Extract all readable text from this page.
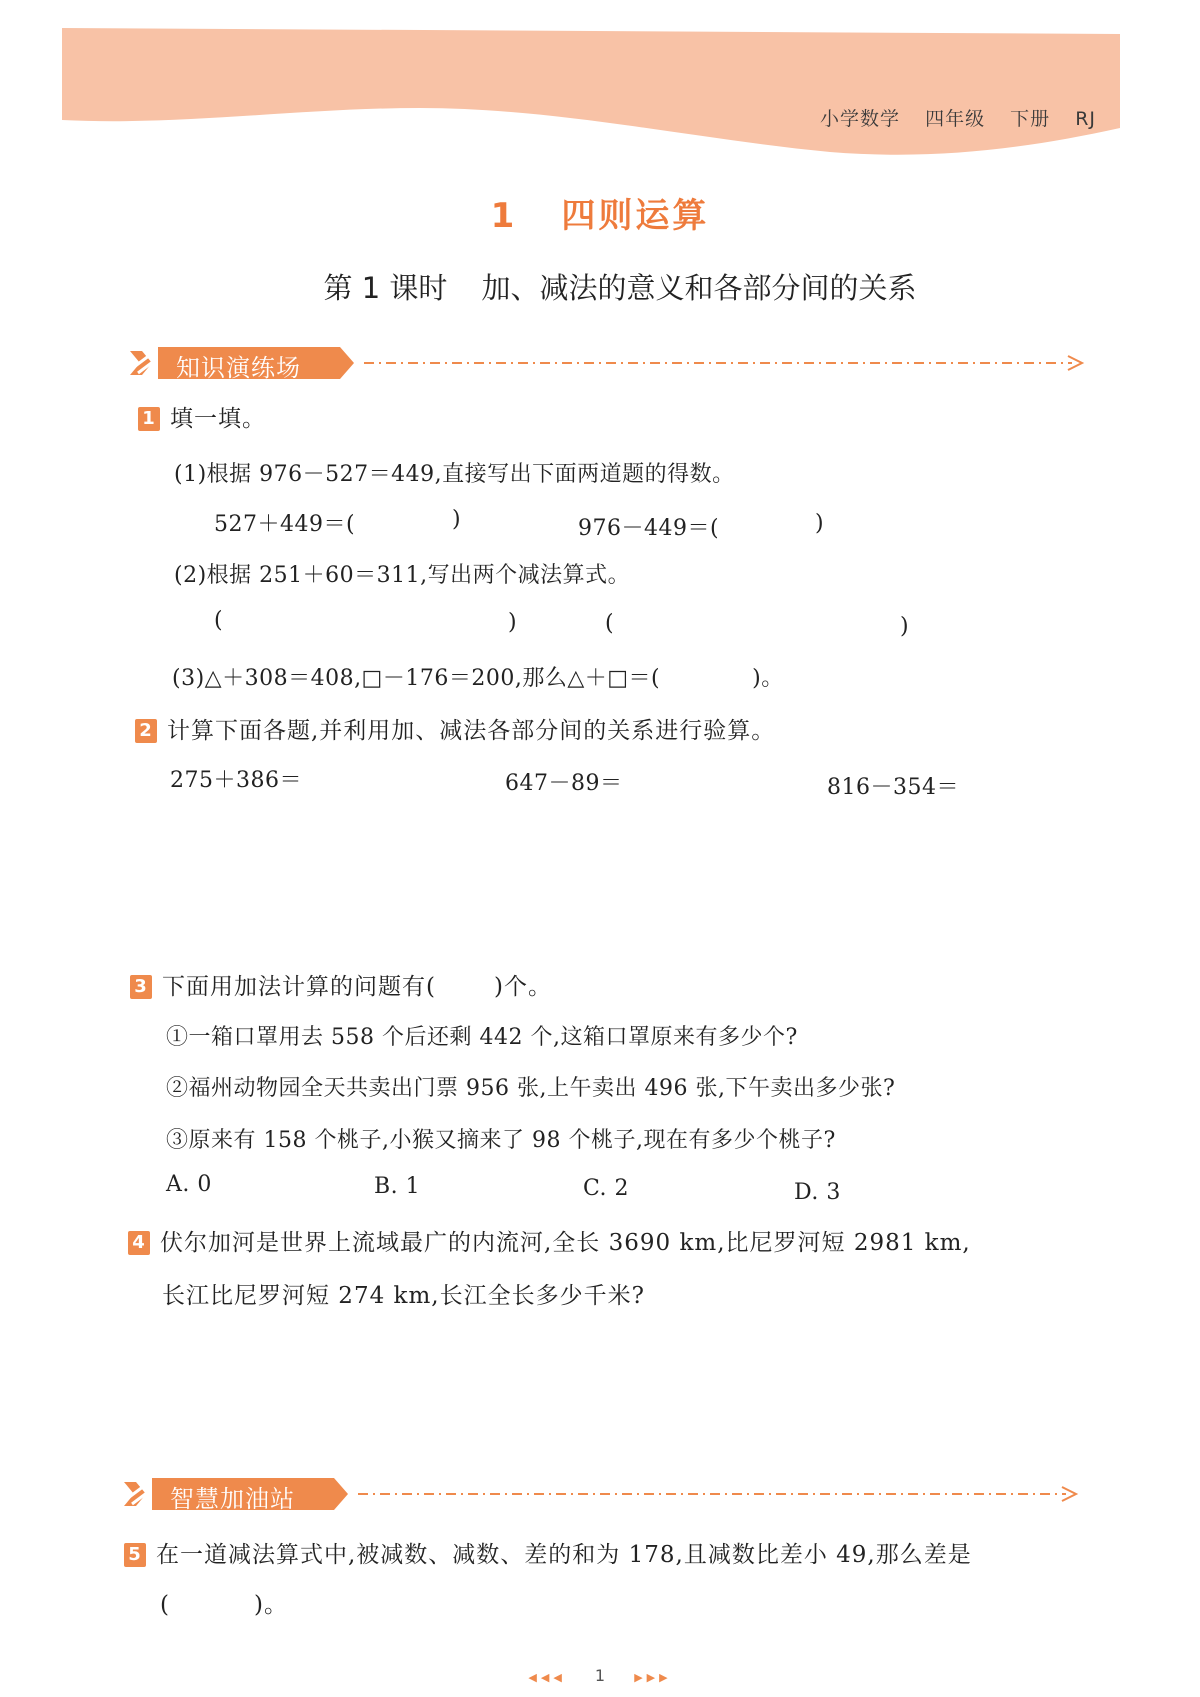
小学数学 四年级 下册 RJ
1 四则运算
第 1 课时 加、减法的意义和各部分间的关系
知识演练场
1 填一填。
(1)根据 976－527＝449,直接写出下面两道题的得数。
527＋449＝(	)	976－449＝(	)
(2)根据 251＋60＝311,写出两个减法算式。
(	)	(	)
(3)△＋308＝408,□－176＝200,那么△＋□＝(	)。
2 计算下面各题,并利用加、减法各部分间的关系进行验算。
275＋386＝	647－89＝	816－354＝
3 下面用加法计算的问题有(	)个。
①一箱口罩用去 558 个后还剩 442 个,这箱口罩原来有多少个?
②福州动物园全天共卖出门票 956 张,上午卖出 496 张,下午卖出多少张?
③原来有 158 个桃子,小猴又摘来了 98 个桃子,现在有多少个桃子?
A. 0	B. 1	C. 2	D. 3
4 伏尔加河是世界上流域最广的内流河,全长 3690 km,比尼罗河短 2981 km,
长江比尼罗河短 274 km,长江全长多少千米?
智慧加油站
5 在一道减法算式中,被减数、减数、差的和为 178,且减数比差小 49,那么差是
(	)。
◀◀◀ 1	▶▶▶
